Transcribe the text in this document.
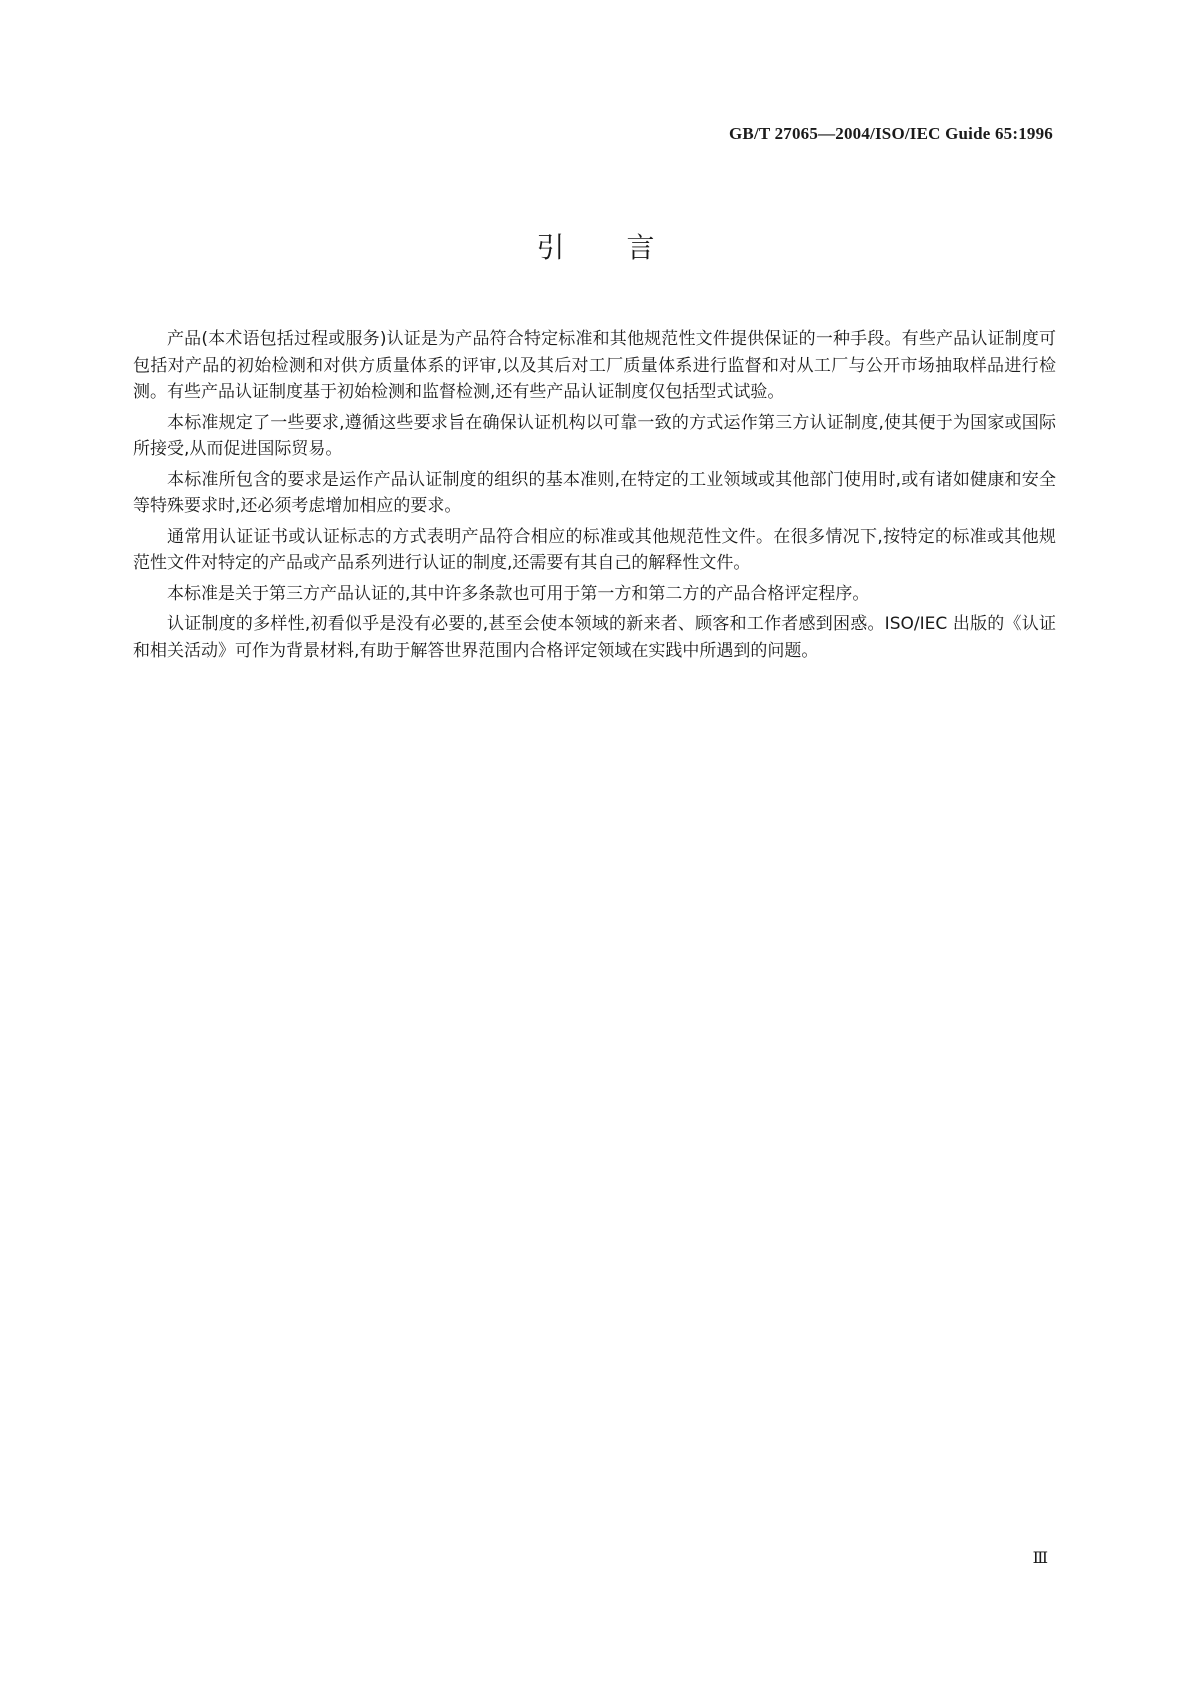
GB/T 27065—2004/ISO/IEC Guide 65:1996
引言

产品(本术语包括过程或服务)认证是为产品符合特定标准和其他规范性文件提供保证的一种手段。有些产品认证制度可包括对产品的初始检测和对供方质量体系的评审,以及其后对工厂质量体系进行监督和对从工厂与公开市场抽取样品进行检测。有些产品认证制度基于初始检测和监督检测,还有些产品认证制度仅包括型式试验。

本标准规定了一些要求,遵循这些要求旨在确保认证机构以可靠一致的方式运作第三方认证制度,使其便于为国家或国际所接受,从而促进国际贸易。

本标准所包含的要求是运作产品认证制度的组织的基本准则,在特定的工业领域或其他部门使用时,或有诸如健康和安全等特殊要求时,还必须考虑增加相应的要求。

通常用认证证书或认证标志的方式表明产品符合相应的标准或其他规范性文件。在很多情况下,按特定的标准或其他规范性文件对特定的产品或产品系列进行认证的制度,还需要有其自己的解释性文件。

本标准是关于第三方产品认证的,其中许多条款也可用于第一方和第二方的产品合格评定程序。

认证制度的多样性,初看似乎是没有必要的,甚至会使本领域的新来者、顾客和工作者感到困惑。ISO/IEC 出版的《认证和相关活动》可作为背景材料,有助于解答世界范围内合格评定领域在实践中所遇到的问题。

Ⅲ
